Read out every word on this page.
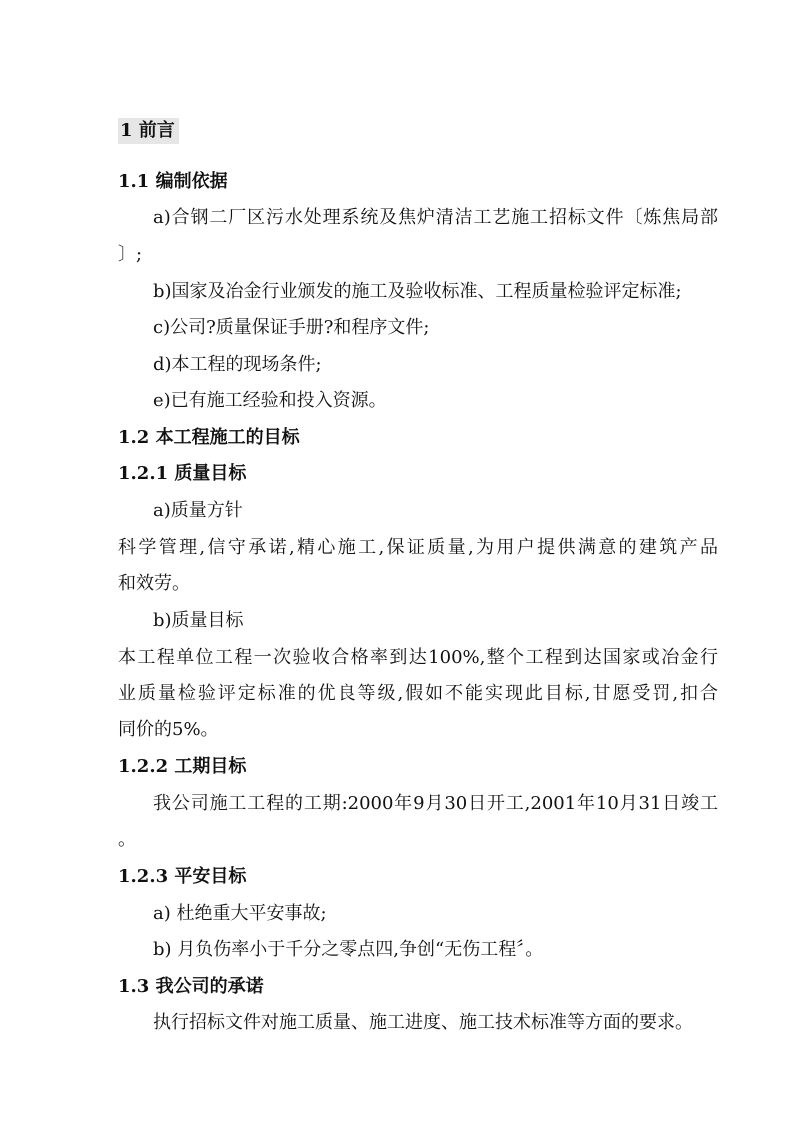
1 前言
1.1 编制依据
a)合钢二厂区污水处理系统及焦炉清洁工艺施工招标文件〔炼焦局部
〕;
b)国家及冶金行业颁发的施工及验收标准、工程质量检验评定标准;
c)公司?质量保证手册?和程序文件;
d)本工程的现场条件;
e)已有施工经验和投入资源。
1.2 本工程施工的目标
1.2.1 质量目标
a)质量方针
科学管理,信守承诺,精心施工,保证质量,为用户提供满意的建筑产品
和效劳。
b)质量目标
本工程单位工程一次验收合格率到达100%,整个工程到达国家或冶金行
业质量检验评定标准的优良等级,假如不能实现此目标,甘愿受罚,扣合
同价的5%。
1.2.2 工期目标
我公司施工工程的工期:2000年9月30日开工,2001年10月31日竣工
。
1.2.3 平安目标
a) 杜绝重大平安事故;
b) 月负伤率小于千分之零点四,争创“无伤工程〞。
1.3 我公司的承诺
执行招标文件对施工质量、施工进度、施工技术标准等方面的要求。
